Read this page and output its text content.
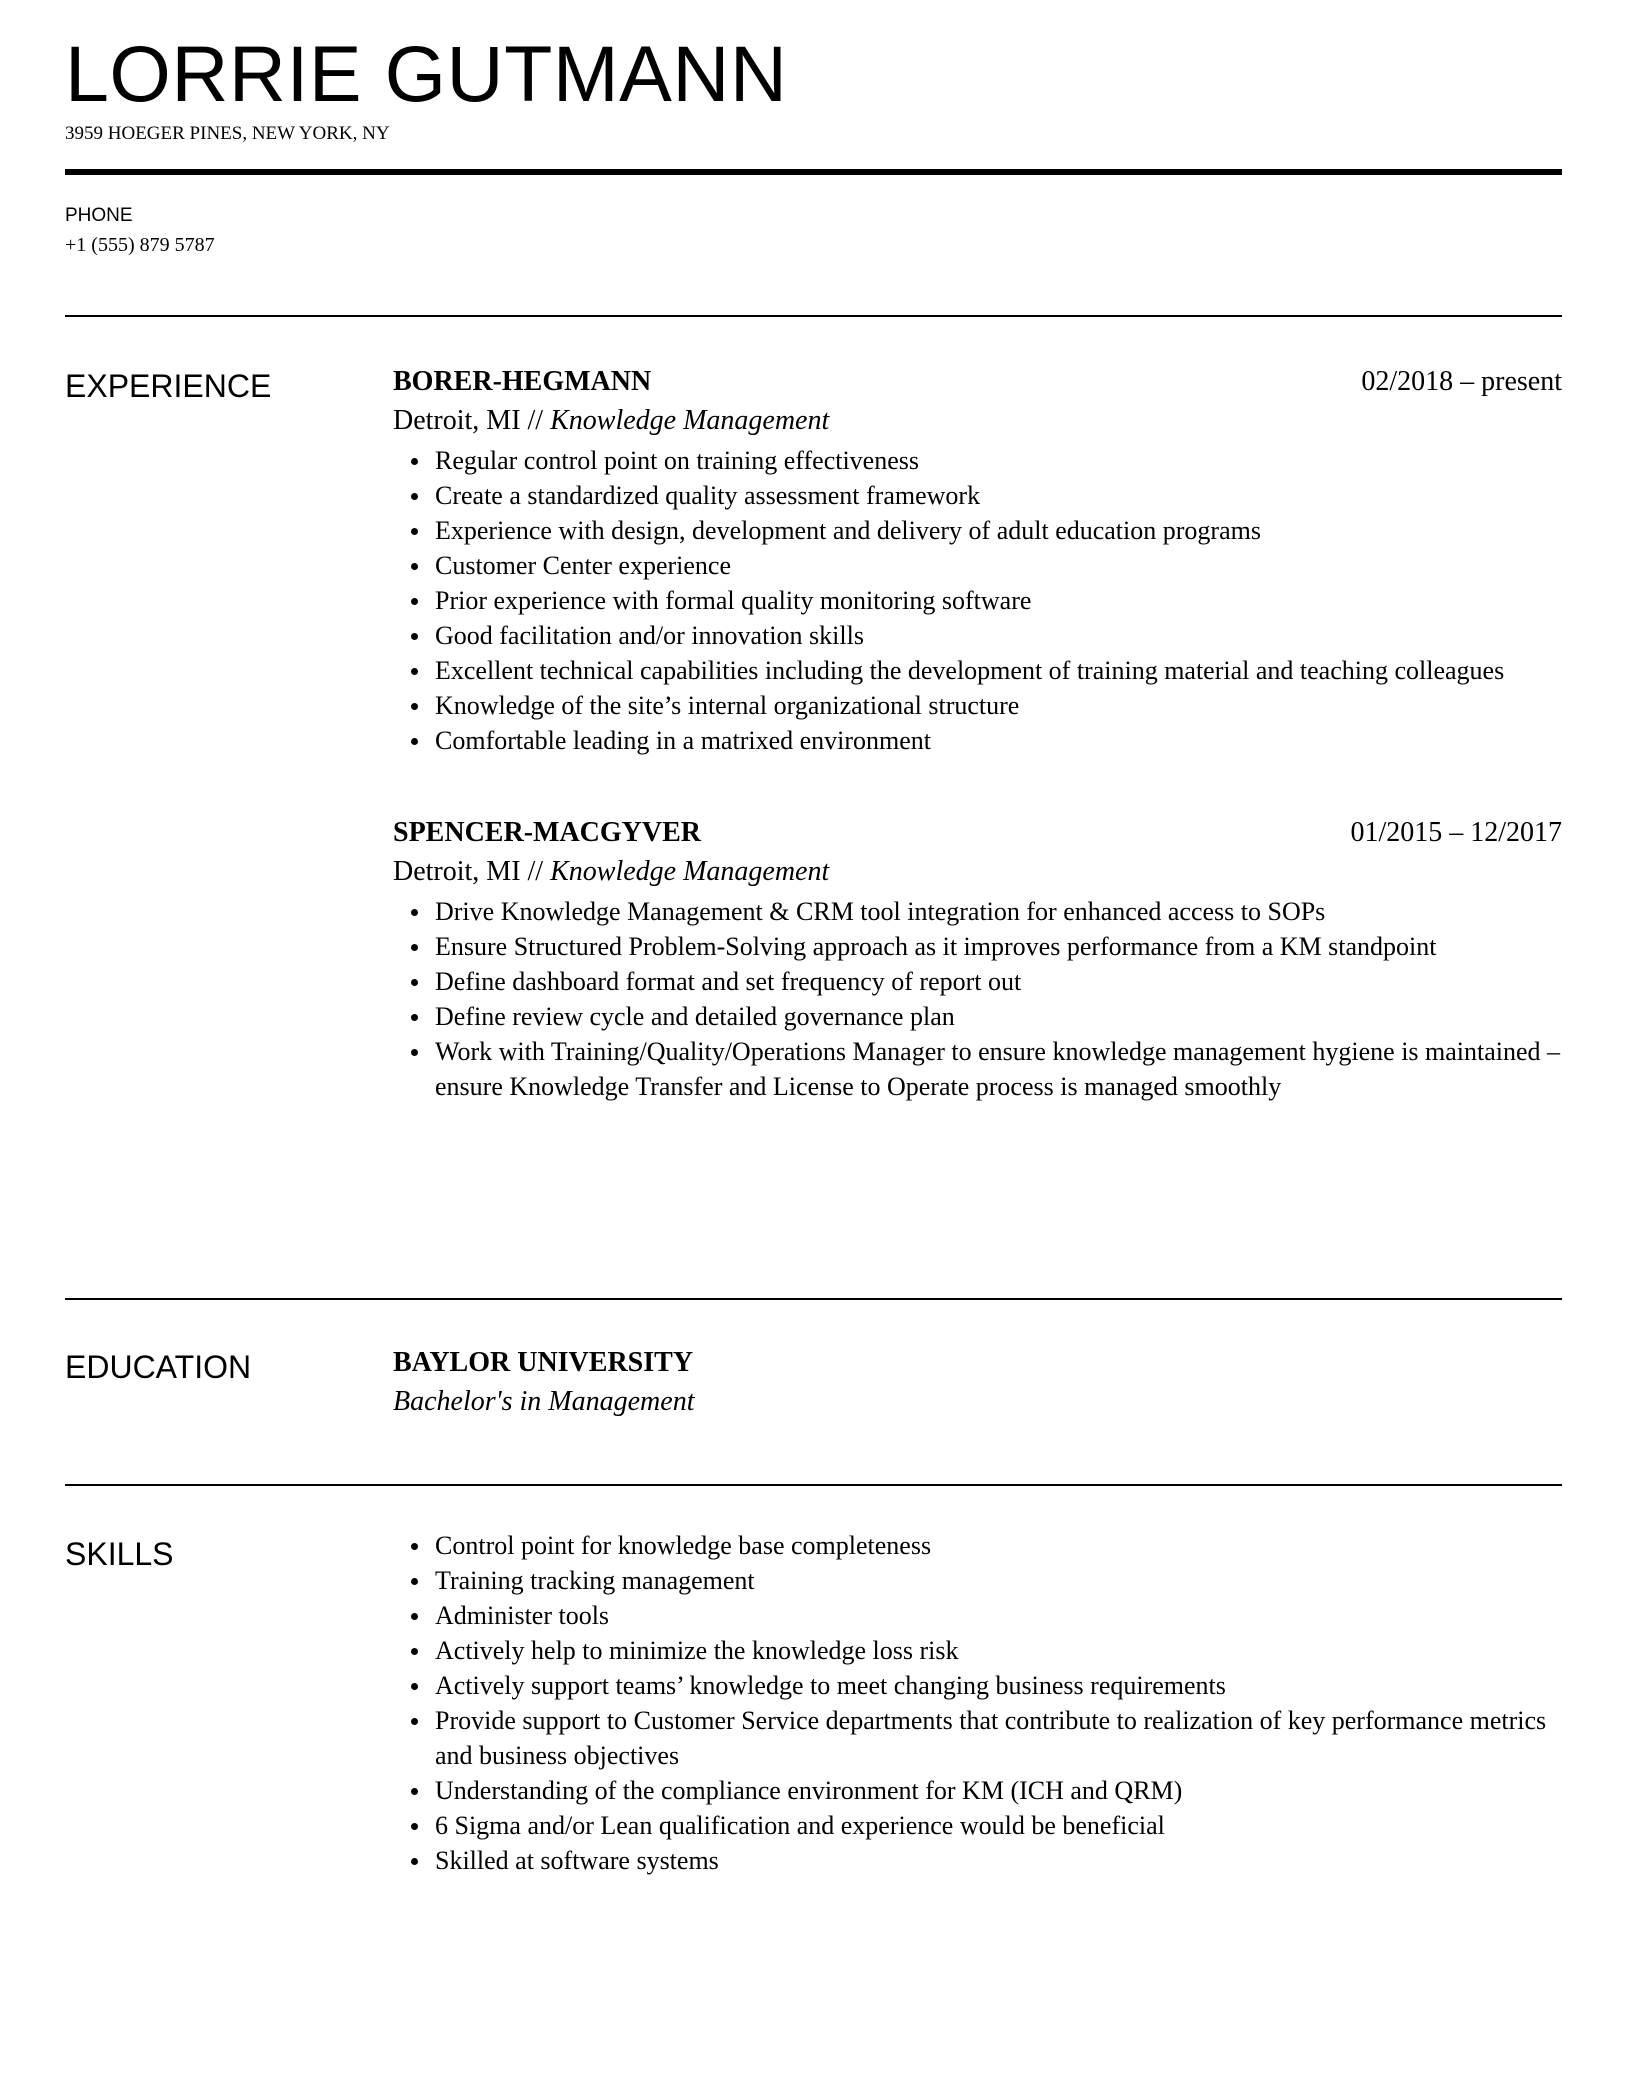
LORRIE GUTMANN
3959 HOEGER PINES, NEW YORK, NY
PHONE
+1 (555) 879 5787
EXPERIENCE	BORER-HEGMANN	02/2018 – present
Detroit, MI // Knowledge Management
Regular control point on training effectiveness
Create a standardized quality assessment framework
Experience with design, development and delivery of adult education programs
Customer Center experience
Prior experience with formal quality monitoring software
Good facilitation and/or innovation skills
Excellent technical capabilities including the development of training material and teaching colleagues
Knowledge of the site’s internal organizational structure
Comfortable leading in a matrixed environment
SPENCER-MACGYVER	01/2015 – 12/2017
Detroit, MI // Knowledge Management
Drive Knowledge Management & CRM tool integration for enhanced access to SOPs
Ensure Structured Problem-Solving approach as it improves performance from a KM standpoint
Define dashboard format and set frequency of report out
Define review cycle and detailed governance plan
Work with Training/Quality/Operations Manager to ensure knowledge management hygiene is maintained – ensure Knowledge Transfer and License to Operate process is managed smoothly
EDUCATION	BAYLOR UNIVERSITY
Bachelor's in Management
SKILLS	Control point for knowledge base completeness
Training tracking management
Administer tools
Actively help to minimize the knowledge loss risk
Actively support teams’ knowledge to meet changing business requirements
Provide support to Customer Service departments that contribute to realization of key performance metrics and business objectives
Understanding of the compliance environment for KM (ICH and QRM)
6 Sigma and/or Lean qualification and experience would be beneficial
Skilled at software systems
